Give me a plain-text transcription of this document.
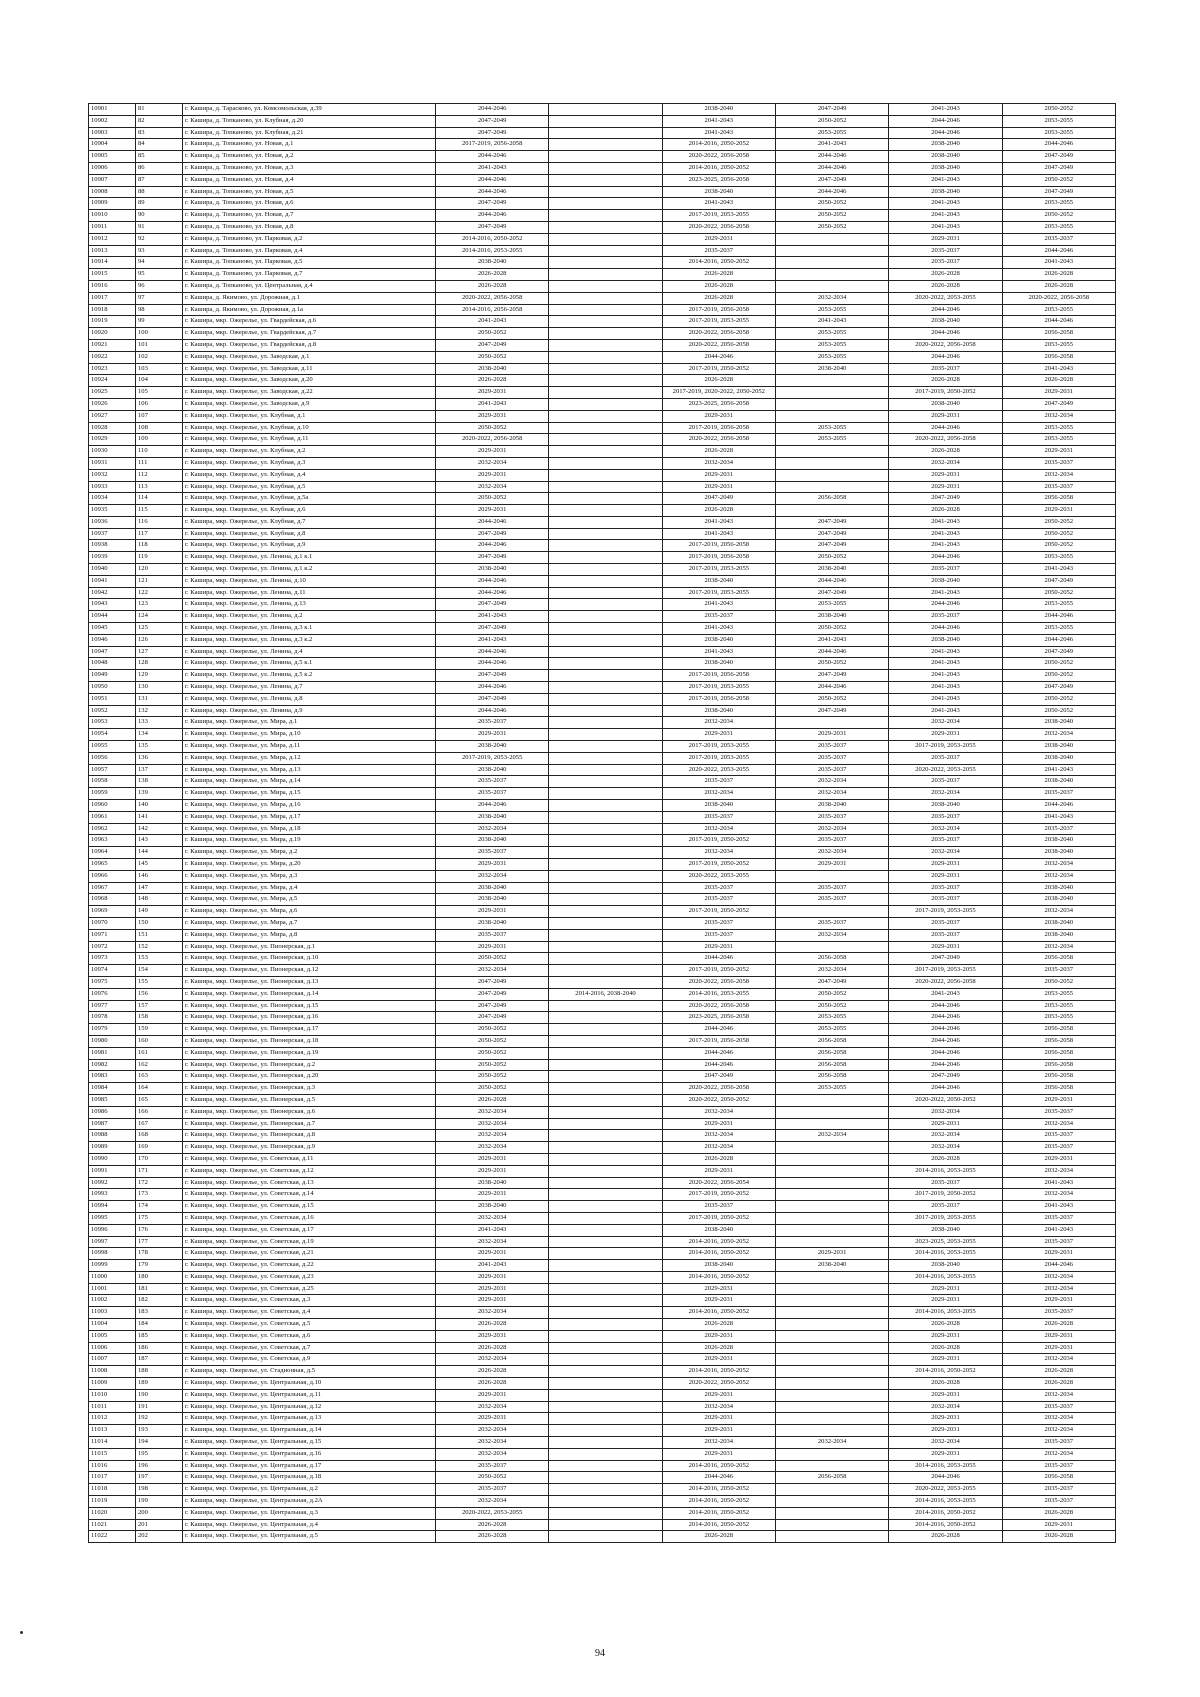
10901	81	г. Кашира, д. Тарасково, ул. Комсомольская, д.39	2044-2046		2038-2040	2047-2049	2041-2043	2050-2052
10902	82	г. Кашира, д. Топканово, ул. Клубная, д.20	2047-2049		2041-2043	2050-2052	2044-2046	2053-2055
10903	83	г. Кашира, д. Топканово, ул. Клубная, д.21	2047-2049		2041-2043	2053-2055	2044-2046	2053-2055
10904	84	г. Кашира, д. Топканово, ул. Новая, д.1	2017-2019, 2056-2058		2014-2016, 2050-2052	2041-2043	2038-2040	2044-2046
10905	85	г. Кашира, д. Топканово, ул. Новая, д.2	2044-2046		2020-2022, 2056-2058	2044-2046	2038-2040	2047-2049
10906	86	г. Кашира, д. Топканово, ул. Новая, д.3	2041-2043		2014-2016, 2050-2052	2044-2046	2038-2040	2047-2049
10907	87	г. Кашира, д. Топканово, ул. Новая, д.4	2044-2046		2023-2025, 2056-2058	2047-2049	2041-2043	2050-2052
10908	88	г. Кашира, д. Топканово, ул. Новая, д.5	2044-2046		2038-2040	2044-2046	2038-2040	2047-2049
10909	89	г. Кашира, д. Топканово, ул. Новая, д.6	2047-2049		2041-2043	2050-2052	2041-2043	2053-2055
10910	90	г. Кашира, д. Топканово, ул. Новая, д.7	2044-2046		2017-2019, 2053-2055	2050-2052	2041-2043	2050-2052
10911	91	г. Кашира, д. Топканово, ул. Новая, д.8	2047-2049		2020-2022, 2056-2058	2050-2052	2041-2043	2053-2055
10912	92	г. Кашира, д. Топканово, ул. Парковая, д.2	2014-2016, 2050-2052		2029-2031		2029-2031	2035-2037
10913	93	г. Кашира, д. Топканово, ул. Парковая, д.4	2014-2016, 2053-2055		2035-2037		2035-2037	2044-2046
10914	94	г. Кашира, д. Топканово, ул. Парковая, д.5	2038-2040		2014-2016, 2050-2052		2035-2037	2041-2043
10915	95	г. Кашира, д. Топканово, ул. Парковая, д.7	2026-2028		2026-2028		2026-2028	2026-2028
10916	96	г. Кашира, д. Топканово, ул. Центральная, д.4	2026-2028		2026-2028		2026-2028	2026-2028
10917	97	г. Кашира, д. Якимово, ул. Дорожная, д.1	2020-2022, 2056-2058		2026-2028	2032-2034	2020-2022, 2053-2055	2020-2022, 2056-2058
10918	98	г. Кашира, д. Якимово, ул. Дорожная, д.1а	2014-2016, 2056-2058		2017-2019, 2056-2058	2053-2055	2044-2046	2053-2055
10919	99	г. Кашира, мкр. Ожерелье, ул. Гвардейская, д.6	2041-2043		2017-2019, 2053-2055	2041-2043	2038-2040	2044-2046
10920	100	г. Кашира, мкр. Ожерелье, ул. Гвардейская, д.7	2050-2052		2020-2022, 2056-2058	2053-2055	2044-2046	2056-2058
10921	101	г. Кашира, мкр. Ожерелье, ул. Гвардейская, д.8	2047-2049		2020-2022, 2056-2058	2053-2055	2020-2022, 2056-2058	2053-2055
10922	102	г. Кашира, мкр. Ожерелье, ул. Заводская, д.1	2050-2052		2044-2046	2053-2055	2044-2046	2056-2058
10923	103	г. Кашира, мкр. Ожерелье, ул. Заводская, д.11	2038-2040		2017-2019, 2050-2052	2038-2040	2035-2037	2041-2043
10924	104	г. Кашира, мкр. Ожерелье, ул. Заводская, д.20	2026-2028		2026-2028		2026-2028	2026-2028
10925	105	г. Кашира, мкр. Ожерелье, ул. Заводская, д.22	2029-2031		2017-2019, 2020-2022, 2050-2052		2017-2019, 2050-2052	2029-2031
10926	106	г. Кашира, мкр. Ожерелье, ул. Заводская, д.9	2041-2043		2023-2025, 2056-2058		2038-2040	2047-2049
10927	107	г. Кашира, мкр. Ожерелье, ул. Клубная, д.1	2029-2031		2029-2031		2029-2031	2032-2034
10928	108	г. Кашира, мкр. Ожерелье, ул. Клубная, д.10	2050-2052		2017-2019, 2056-2058	2053-2055	2044-2046	2053-2055
10929	109	г. Кашира, мкр. Ожерелье, ул. Клубная, д.11	2020-2022, 2056-2058		2020-2022, 2056-2058	2053-2055	2020-2022, 2056-2058	2053-2055
10930	110	г. Кашира, мкр. Ожерелье, ул. Клубная, д.2	2029-2031		2026-2028		2026-2028	2029-2031
10931	111	г. Кашира, мкр. Ожерелье, ул. Клубная, д.3	2032-2034		2032-2034		2032-2034	2035-2037
10932	112	г. Кашира, мкр. Ожерелье, ул. Клубная, д.4	2029-2031		2029-2031		2029-2031	2032-2034
10933	113	г. Кашира, мкр. Ожерелье, ул. Клубная, д.5	2032-2034		2029-2031		2029-2031	2035-2037
10934	114	г. Кашира, мкр. Ожерелье, ул. Клубная, д.5а	2050-2052		2047-2049	2056-2058	2047-2049	2056-2058
10935	115	г. Кашира, мкр. Ожерелье, ул. Клубная, д.6	2029-2031		2026-2028		2026-2028	2029-2031
10936	116	г. Кашира, мкр. Ожерелье, ул. Клубная, д.7	2044-2046		2041-2043	2047-2049	2041-2043	2050-2052
10937	117	г. Кашира, мкр. Ожерелье, ул. Клубная, д.8	2047-2049		2041-2043	2047-2049	2041-2043	2050-2052
10938	118	г. Кашира, мкр. Ожерелье, ул. Клубная, д.9	2044-2046		2017-2019, 2056-2058	2047-2049	2041-2043	2050-2052
10939	119	г. Кашира, мкр. Ожерелье, ул. Ленина, д.1 к.1	2047-2049		2017-2019, 2056-2058	2050-2052	2044-2046	2053-2055
10940	120	г. Кашира, мкр. Ожерелье, ул. Ленина, д.1 к.2	2038-2040		2017-2019, 2053-2055	2038-2040	2035-2037	2041-2043
10941	121	г. Кашира, мкр. Ожерелье, ул. Ленина, д.10	2044-2046		2038-2040	2044-2046	2038-2040	2047-2049
10942	122	г. Кашира, мкр. Ожерелье, ул. Ленина, д.11	2044-2046		2017-2019, 2053-2055	2047-2049	2041-2043	2050-2052
10943	123	г. Кашира, мкр. Ожерелье, ул. Ленина, д.13	2047-2049		2041-2043	2053-2055	2044-2046	2053-2055
10944	124	г. Кашира, мкр. Ожерелье, ул. Ленина, д.2	2041-2043		2035-2037	2038-2040	2035-2037	2044-2046
10945	125	г. Кашира, мкр. Ожерелье, ул. Ленина, д.3 к.1	2047-2049		2041-2043	2050-2052	2044-2046	2053-2055
10946	126	г. Кашира, мкр. Ожерелье, ул. Ленина, д.3 к.2	2041-2043		2038-2040	2041-2043	2038-2040	2044-2046
10947	127	г. Кашира, мкр. Ожерелье, ул. Ленина, д.4	2044-2046		2041-2043	2044-2046	2041-2043	2047-2049
10948	128	г. Кашира, мкр. Ожерелье, ул. Ленина, д.5 к.1	2044-2046		2038-2040	2050-2052	2041-2043	2050-2052
10949	129	г. Кашира, мкр. Ожерелье, ул. Ленина, д.5 к.2	2047-2049		2017-2019, 2056-2058	2047-2049	2041-2043	2050-2052
10950	130	г. Кашира, мкр. Ожерелье, ул. Ленина, д.7	2044-2046		2017-2019, 2053-2055	2044-2046	2041-2043	2047-2049
10951	131	г. Кашира, мкр. Ожерелье, ул. Ленина, д.8	2047-2049		2017-2019, 2056-2058	2050-2052	2041-2043	2050-2052
10952	132	г. Кашира, мкр. Ожерелье, ул. Ленина, д.9	2044-2046		2038-2040	2047-2049	2041-2043	2050-2052
10953	133	г. Кашира, мкр. Ожерелье, ул. Мира, д.1	2035-2037		2032-2034		2032-2034	2038-2040
10954	134	г. Кашира, мкр. Ожерелье, ул. Мира, д.10	2029-2031		2029-2031	2029-2031	2029-2031	2032-2034
10955	135	г. Кашира, мкр. Ожерелье, ул. Мира, д.11	2038-2040		2017-2019, 2053-2055	2035-2037	2017-2019, 2053-2055	2038-2040
10956	136	г. Кашира, мкр. Ожерелье, ул. Мира, д.12	2017-2019, 2053-2055		2017-2019, 2053-2055	2035-2037	2035-2037	2038-2040
10957	137	г. Кашира, мкр. Ожерелье, ул. Мира, д.13	2038-2040		2020-2022, 2053-2055	2035-2037	2020-2022, 2053-2055	2041-2043
10958	138	г. Кашира, мкр. Ожерелье, ул. Мира, д.14	2035-2037		2035-2037	2032-2034	2035-2037	2038-2040
10959	139	г. Кашира, мкр. Ожерелье, ул. Мира, д.15	2035-2037		2032-2034	2032-2034	2032-2034	2035-2037
10960	140	г. Кашира, мкр. Ожерелье, ул. Мира, д.16	2044-2046		2038-2040	2038-2040	2038-2040	2044-2046
10961	141	г. Кашира, мкр. Ожерелье, ул. Мира, д.17	2038-2040		2035-2037	2035-2037	2035-2037	2041-2043
10962	142	г. Кашира, мкр. Ожерелье, ул. Мира, д.18	2032-2034		2032-2034	2032-2034	2032-2034	2035-2037
10963	143	г. Кашира, мкр. Ожерелье, ул. Мира, д.19	2038-2040		2017-2019, 2050-2052	2035-2037	2035-2037	2038-2040
10964	144	г. Кашира, мкр. Ожерелье, ул. Мира, д.2	2035-2037		2032-2034	2032-2034	2032-2034	2038-2040
10965	145	г. Кашира, мкр. Ожерелье, ул. Мира, д.20	2029-2031		2017-2019, 2050-2052	2029-2031	2029-2031	2032-2034
10966	146	г. Кашира, мкр. Ожерелье, ул. Мира, д.3	2032-2034		2020-2022, 2053-2055		2029-2031	2032-2034
10967	147	г. Кашира, мкр. Ожерелье, ул. Мира, д.4	2038-2040		2035-2037	2035-2037	2035-2037	2038-2040
10968	148	г. Кашира, мкр. Ожерелье, ул. Мира, д.5	2038-2040		2035-2037	2035-2037	2035-2037	2038-2040
10969	149	г. Кашира, мкр. Ожерелье, ул. Мира, д.6	2029-2031		2017-2019, 2050-2052		2017-2019, 2053-2055	2032-2034
10970	150	г. Кашира, мкр. Ожерелье, ул. Мира, д.7	2038-2040		2035-2037	2035-2037	2035-2037	2038-2040
10971	151	г. Кашира, мкр. Ожерелье, ул. Мира, д.8	2035-2037		2035-2037	2032-2034	2035-2037	2038-2040
10972	152	г. Кашира, мкр. Ожерелье, ул. Пионерская, д.1	2029-2031		2029-2031		2029-2031	2032-2034
10973	153	г. Кашира, мкр. Ожерелье, ул. Пионерская, д.10	2050-2052		2044-2046	2056-2058	2047-2049	2056-2058
10974	154	г. Кашира, мкр. Ожерелье, ул. Пионерская, д.12	2032-2034		2017-2019, 2050-2052	2032-2034	2017-2019, 2053-2055	2035-2037
10975	155	г. Кашира, мкр. Ожерелье, ул. Пионерская, д.13	2047-2049		2020-2022, 2056-2058	2047-2049	2020-2022, 2056-2058	2050-2052
10976	156	г. Кашира, мкр. Ожерелье, ул. Пионерская, д.14	2047-2049	2014-2016, 2038-2040	2014-2016, 2053-2055	2050-2052	2041-2043	2053-2055
10977	157	г. Кашира, мкр. Ожерелье, ул. Пионерская, д.15	2047-2049		2020-2022, 2056-2058	2050-2052	2044-2046	2053-2055
10978	158	г. Кашира, мкр. Ожерелье, ул. Пионерская, д.16	2047-2049		2023-2025, 2056-2058	2053-2055	2044-2046	2053-2055
10979	159	г. Кашира, мкр. Ожерелье, ул. Пионерская, д.17	2050-2052		2044-2046	2053-2055	2044-2046	2056-2058
10980	160	г. Кашира, мкр. Ожерелье, ул. Пионерская, д.18	2050-2052		2017-2019, 2056-2058	2056-2058	2044-2046	2056-2058
10981	161	г. Кашира, мкр. Ожерелье, ул. Пионерская, д.19	2050-2052		2044-2046	2056-2058	2044-2046	2056-2058
10982	162	г. Кашира, мкр. Ожерелье, ул. Пионерская, д.2	2050-2052		2044-2046	2056-2058	2044-2046	2056-2058
10983	163	г. Кашира, мкр. Ожерелье, ул. Пионерская, д.20	2050-2052		2047-2049	2056-2058	2047-2049	2056-2058
10984	164	г. Кашира, мкр. Ожерелье, ул. Пионерская, д.3	2050-2052		2020-2022, 2056-2058	2053-2055	2044-2046	2056-2058
10985	165	г. Кашира, мкр. Ожерелье, ул. Пионерская, д.5	2026-2028		2020-2022, 2050-2052		2020-2022, 2050-2052	2029-2031
10986	166	г. Кашира, мкр. Ожерелье, ул. Пионерская, д.6	2032-2034		2032-2034		2032-2034	2035-2037
10987	167	г. Кашира, мкр. Ожерелье, ул. Пионерская, д.7	2032-2034		2029-2031		2029-2031	2032-2034
10988	168	г. Кашира, мкр. Ожерелье, ул. Пионерская, д.8	2032-2034		2032-2034	2032-2034	2032-2034	2035-2037
10989	169	г. Кашира, мкр. Ожерелье, ул. Пионерская, д.9	2032-2034		2032-2034		2032-2034	2035-2037
10990	170	г. Кашира, мкр. Ожерелье, ул. Советская, д.11	2029-2031		2026-2028		2026-2028	2029-2031
10991	171	г. Кашира, мкр. Ожерелье, ул. Советская, д.12	2029-2031		2029-2031		2014-2016, 2053-2055	2032-2034
10992	172	г. Кашира, мкр. Ожерелье, ул. Советская, д.13	2038-2040		2020-2022, 2056-2054		2035-2037	2041-2043
10993	173	г. Кашира, мкр. Ожерелье, ул. Советская, д.14	2029-2031		2017-2019, 2050-2052		2017-2019, 2050-2052	2032-2034
10994	174	г. Кашира, мкр. Ожерелье, ул. Советская, д.15	2038-2040		2035-2037		2035-2037	2041-2043
10995	175	г. Кашира, мкр. Ожерелье, ул. Советская, д.16	2032-2034		2017-2019, 2050-2052		2017-2019, 2053-2055	2035-2037
10996	176	г. Кашира, мкр. Ожерелье, ул. Советская, д.17	2041-2043		2038-2040		2038-2040	2041-2043
10997	177	г. Кашира, мкр. Ожерелье, ул. Советская, д.19	2032-2034		2014-2016, 2050-2052		2023-2025, 2053-2055	2035-2037
10998	178	г. Кашира, мкр. Ожерелье, ул. Советская, д.21	2029-2031		2014-2016, 2050-2052	2029-2031	2014-2016, 2053-2055	2029-2031
10999	179	г. Кашира, мкр. Ожерелье, ул. Советская, д.22	2041-2043		2038-2040	2038-2040	2038-2040	2044-2046
11000	180	г. Кашира, мкр. Ожерелье, ул. Советская, д.23	2029-2031		2014-2016, 2050-2052		2014-2016, 2053-2055	2032-2034
11001	181	г. Кашира, мкр. Ожерелье, ул. Советская, д.25	2029-2031		2029-2031		2029-2031	2032-2034
11002	182	г. Кашира, мкр. Ожерелье, ул. Советская, д.3	2029-2031		2029-2031		2029-2031	2029-2031
11003	183	г. Кашира, мкр. Ожерелье, ул. Советская, д.4	2032-2034		2014-2016, 2050-2052		2014-2016, 2053-2055	2035-2037
11004	184	г. Кашира, мкр. Ожерелье, ул. Советская, д.5	2026-2028		2026-2028		2026-2028	2026-2028
11005	185	г. Кашира, мкр. Ожерелье, ул. Советская, д.6	2029-2031		2029-2031		2029-2031	2029-2031
11006	186	г. Кашира, мкр. Ожерелье, ул. Советская, д.7	2026-2028		2026-2028		2026-2028	2029-2031
11007	187	г. Кашира, мкр. Ожерелье, ул. Советская, д.9	2032-2034		2029-2031		2029-2031	2032-2034
11008	188	г. Кашира, мкр. Ожерелье, ул. Стадионная, д.5	2026-2028		2014-2016, 2050-2052		2014-2016, 2050-2052	2026-2028
11009	189	г. Кашира, мкр. Ожерелье, ул. Центральная, д.10	2026-2028		2020-2022, 2050-2052		2026-2028	2026-2028
11010	190	г. Кашира, мкр. Ожерелье, ул. Центральная, д.11	2029-2031		2029-2031		2029-2031	2032-2034
11011	191	г. Кашира, мкр. Ожерелье, ул. Центральная, д.12	2032-2034		2032-2034		2032-2034	2035-2037
11012	192	г. Кашира, мкр. Ожерелье, ул. Центральная, д.13	2029-2031		2029-2031		2029-2031	2032-2034
11013	193	г. Кашира, мкр. Ожерелье, ул. Центральная, д.14	2032-2034		2029-2031		2029-2031	2032-2034
11014	194	г. Кашира, мкр. Ожерелье, ул. Центральная, д.15	2032-2034		2032-2034	2032-2034	2032-2034	2035-2037
11015	195	г. Кашира, мкр. Ожерелье, ул. Центральная, д.16	2032-2034		2029-2031		2029-2031	2032-2034
11016	196	г. Кашира, мкр. Ожерелье, ул. Центральная, д.17	2035-2037		2014-2016, 2050-2052		2014-2016, 2053-2055	2035-2037
11017	197	г. Кашира, мкр. Ожерелье, ул. Центральная, д.18	2050-2052		2044-2046	2056-2058	2044-2046	2056-2058
11018	198	г. Кашира, мкр. Ожерелье, ул. Центральная, д.2	2035-2037		2014-2016, 2050-2052		2020-2022, 2053-2055	2035-2037
11019	199	г. Кашира, мкр. Ожерелье, ул. Центральная, д.2А	2032-2034		2014-2016, 2050-2052		2014-2016, 2053-2055	2035-2037
11020	200	г. Кашира, мкр. Ожерелье, ул. Центральная, д.3	2020-2022, 2053-2055		2014-2016, 2050-2052		2014-2016, 2050-2052	2026-2028
11021	201	г. Кашира, мкр. Ожерелье, ул. Центральная, д.4	2026-2028		2014-2016, 2050-2052		2014-2016, 2050-2052	2029-2031
11022	202	г. Кашира, мкр. Ожерелье, ул. Центральная, д.5	2026-2028		2026-2028		2026-2028	2026-2028
94
